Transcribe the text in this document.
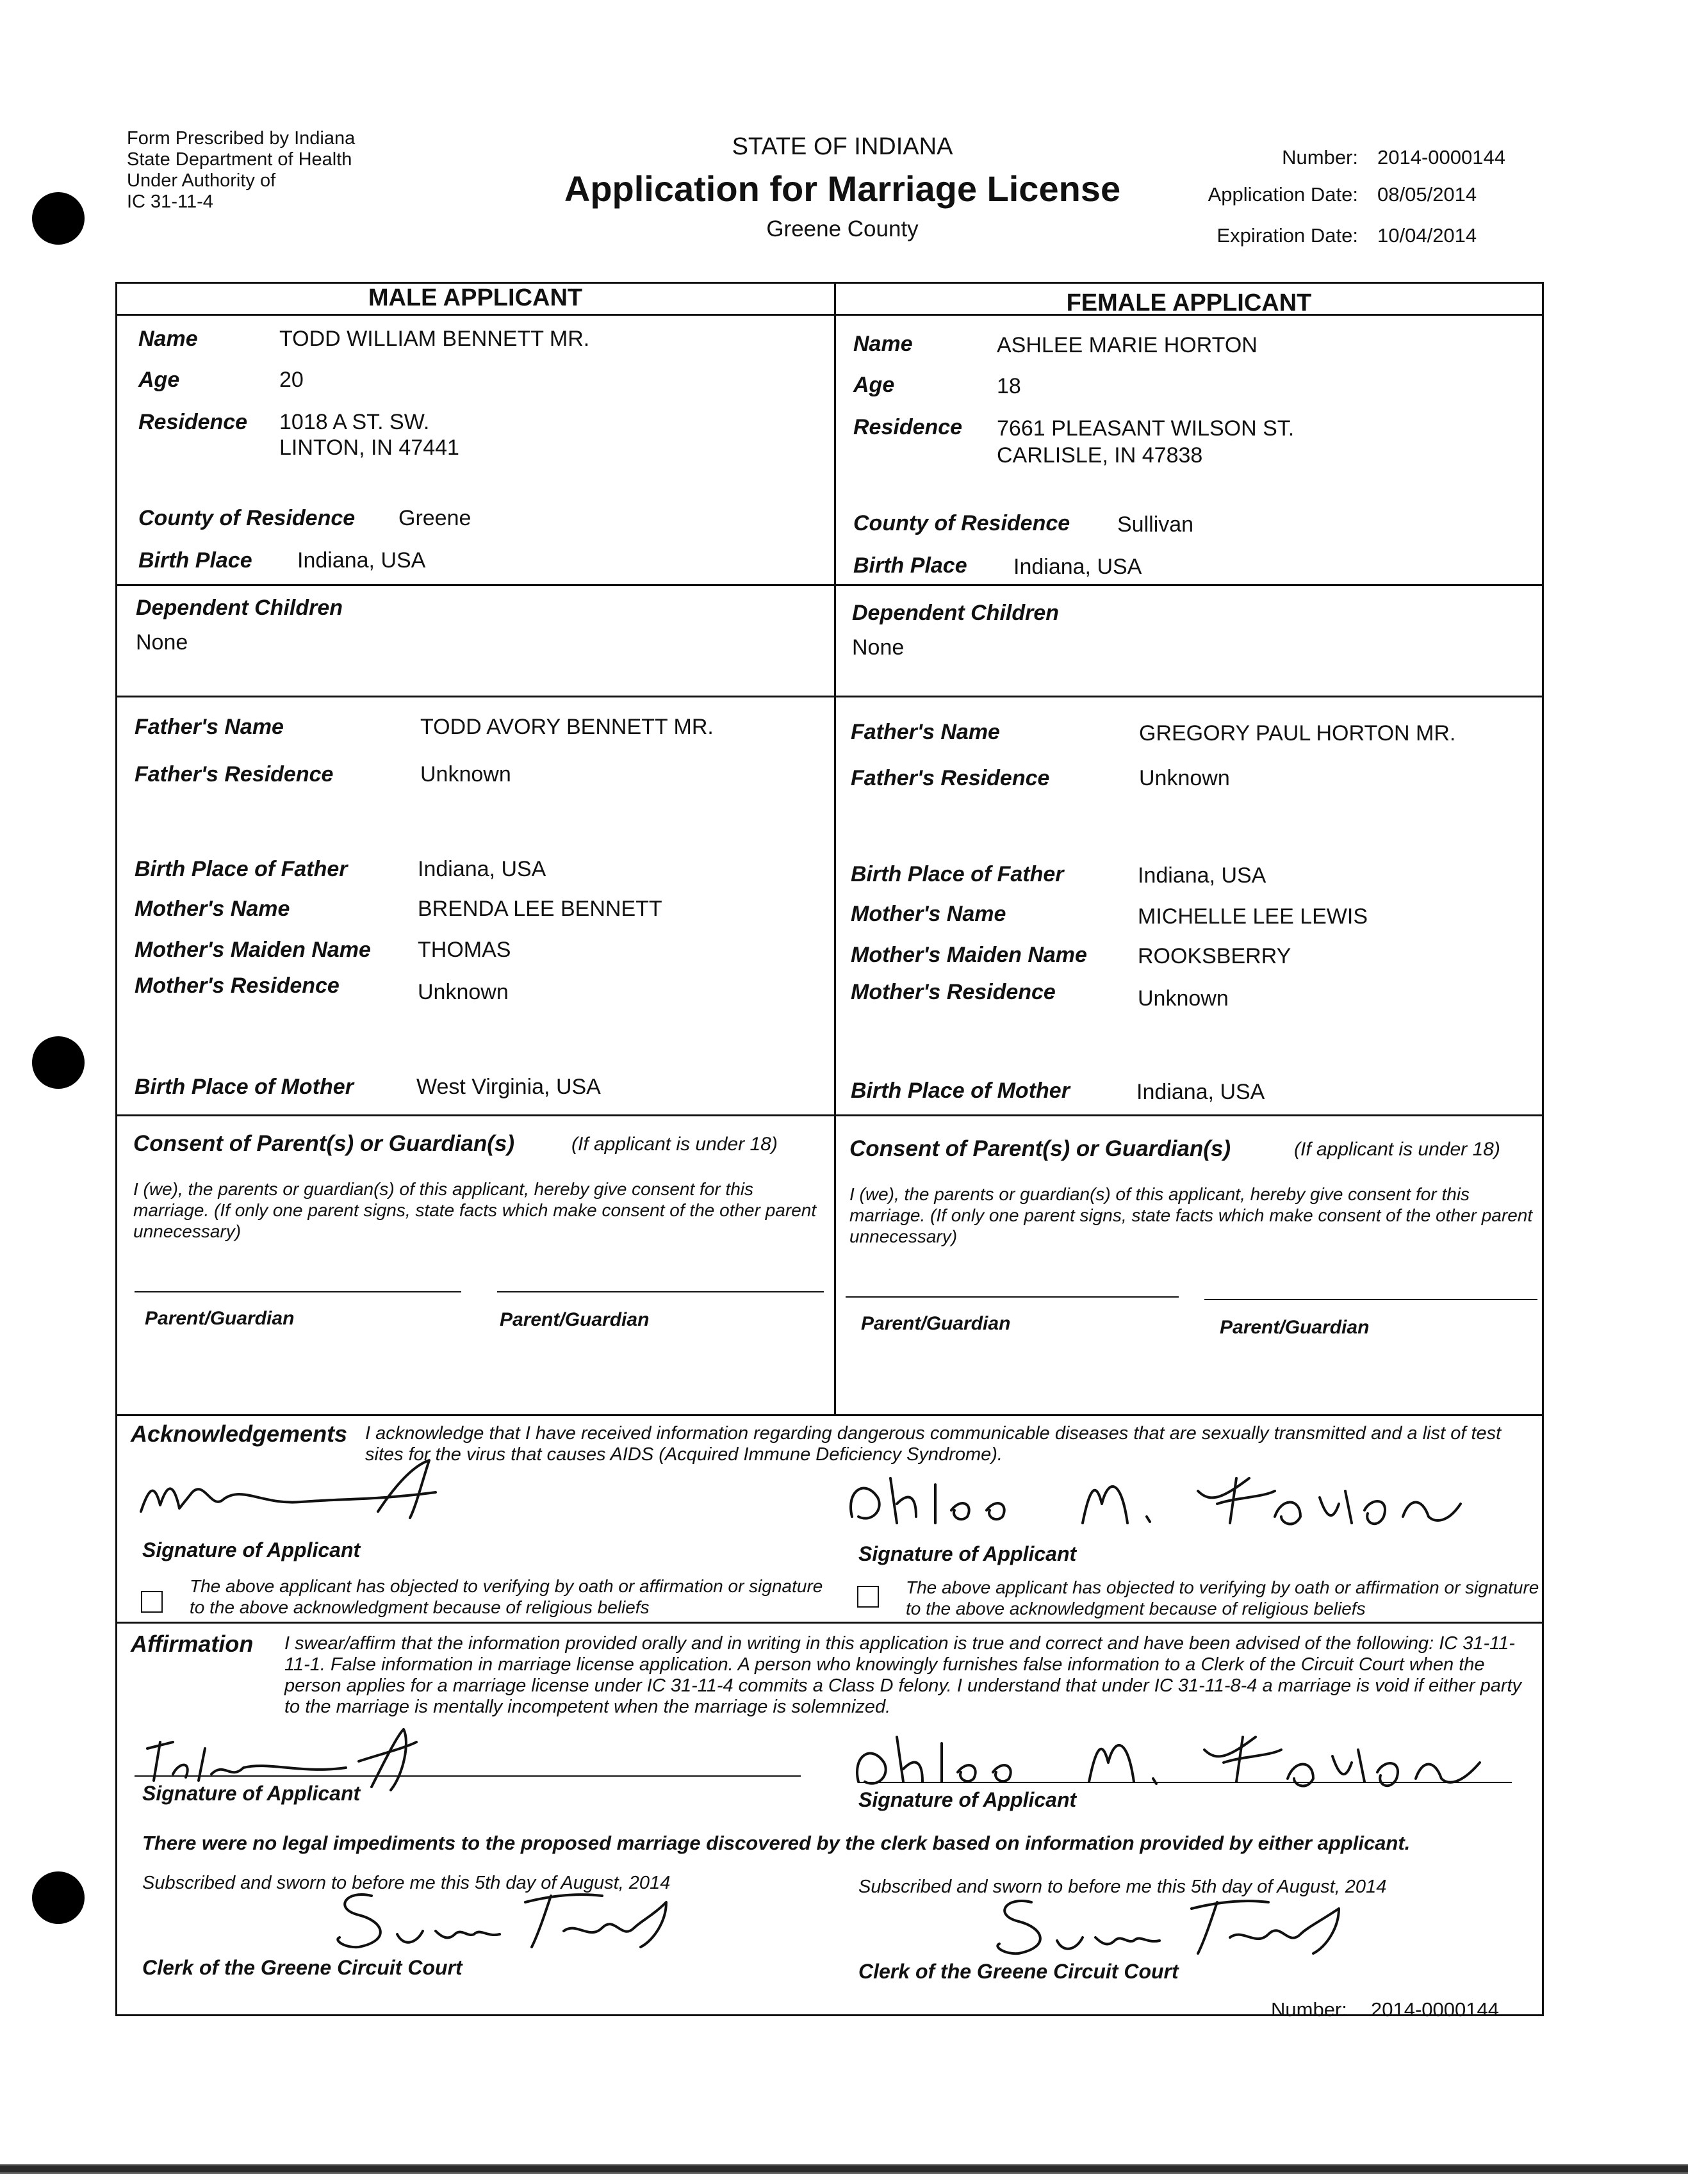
Form Prescribed by Indiana
State Department of Health
Under Authority of
IC 31-11-4
STATE OF INDIANA
Application for Marriage License
Greene County
Number: 2014-0000144
Application Date: 08/05/2014
Expiration Date: 10/04/2014
MALE APPLICANT
Name	TODD WILLIAM BENNETT MR.
Age	20
Residence 1018 A ST. SW.
LINTON, IN 47441
County of Residence Greene
Birth Place Indiana, USA
Dependent Children
None
Father's Name	TODD AVORY BENNETT MR.
Father's Residence	Unknown
Birth Place of Father	Indiana, USA
Mother's Name	BRENDA LEE BENNETT
Mother's Maiden Name THOMAS
Mother's Residence	Unknown
Birth Place of Mother	West Virginia, USA
Consent of Parent(s) or Guardian(s)	(If applicant is under 18)
I (we), the parents or guardian(s) of this applicant, hereby give consent for this marriage. (If only one parent signs, state facts which make consent of the other parent unnecessary)
Parent/Guardian	Parent/Guardian
FEMALE APPLICANT
Name	ASHLEE MARIE HORTON
Age	18
Residence 7661 PLEASANT WILSON ST.
CARLISLE, IN 47838
County of Residence Sullivan
Birth Place Indiana, USA
Dependent Children
None
Father's Name	GREGORY PAUL HORTON MR.
Father's Residence	Unknown
Birth Place of Father	Indiana, USA
Mother's Name	MICHELLE LEE LEWIS
Mother's Maiden Name ROOKSBERRY
Mother's Residence	Unknown
Birth Place of Mother	Indiana, USA
Consent of Parent(s) or Guardian(s)	(If applicant is under 18)
I (we), the parents or guardian(s) of this applicant, hereby give consent for this marriage. (If only one parent signs, state facts which make consent of the other parent unnecessary)
Parent/Guardian	Parent/Guardian
Acknowledgements I acknowledge that I have received information regarding dangerous communicable diseases that are sexually transmitted and a list of test sites for the virus that causes AIDS (Acquired Immune Deficiency Syndrome).
Signature of Applicant
The above applicant has objected to verifying by oath or affirmation or signature to the above acknowledgment because of religious beliefs
Signature of Applicant
The above applicant has objected to verifying by oath or affirmation or signature to the above acknowledgment because of religious beliefs
Affirmation I swear/affirm that the information provided orally and in writing in this application is true and correct and have been advised of the following: IC 31-11-11-1. False information in marriage license application. A person who knowingly furnishes false information to a Clerk of the Circuit Court when the person applies for a marriage license under IC 31-11-4 commits a Class D felony. I understand that under IC 31-11-8-4 a marriage is void if either party to the marriage is mentally incompetent when the marriage is solemnized.
Signature of Applicant	Signature of Applicant
There were no legal impediments to the proposed marriage discovered by the clerk based on information provided by either applicant.
Subscribed and sworn to before me this 5th day of August, 2014
Clerk of the Greene Circuit Court
Subscribed and sworn to before me this 5th day of August, 2014
Clerk of the Greene Circuit Court
Number: 2014-0000144
